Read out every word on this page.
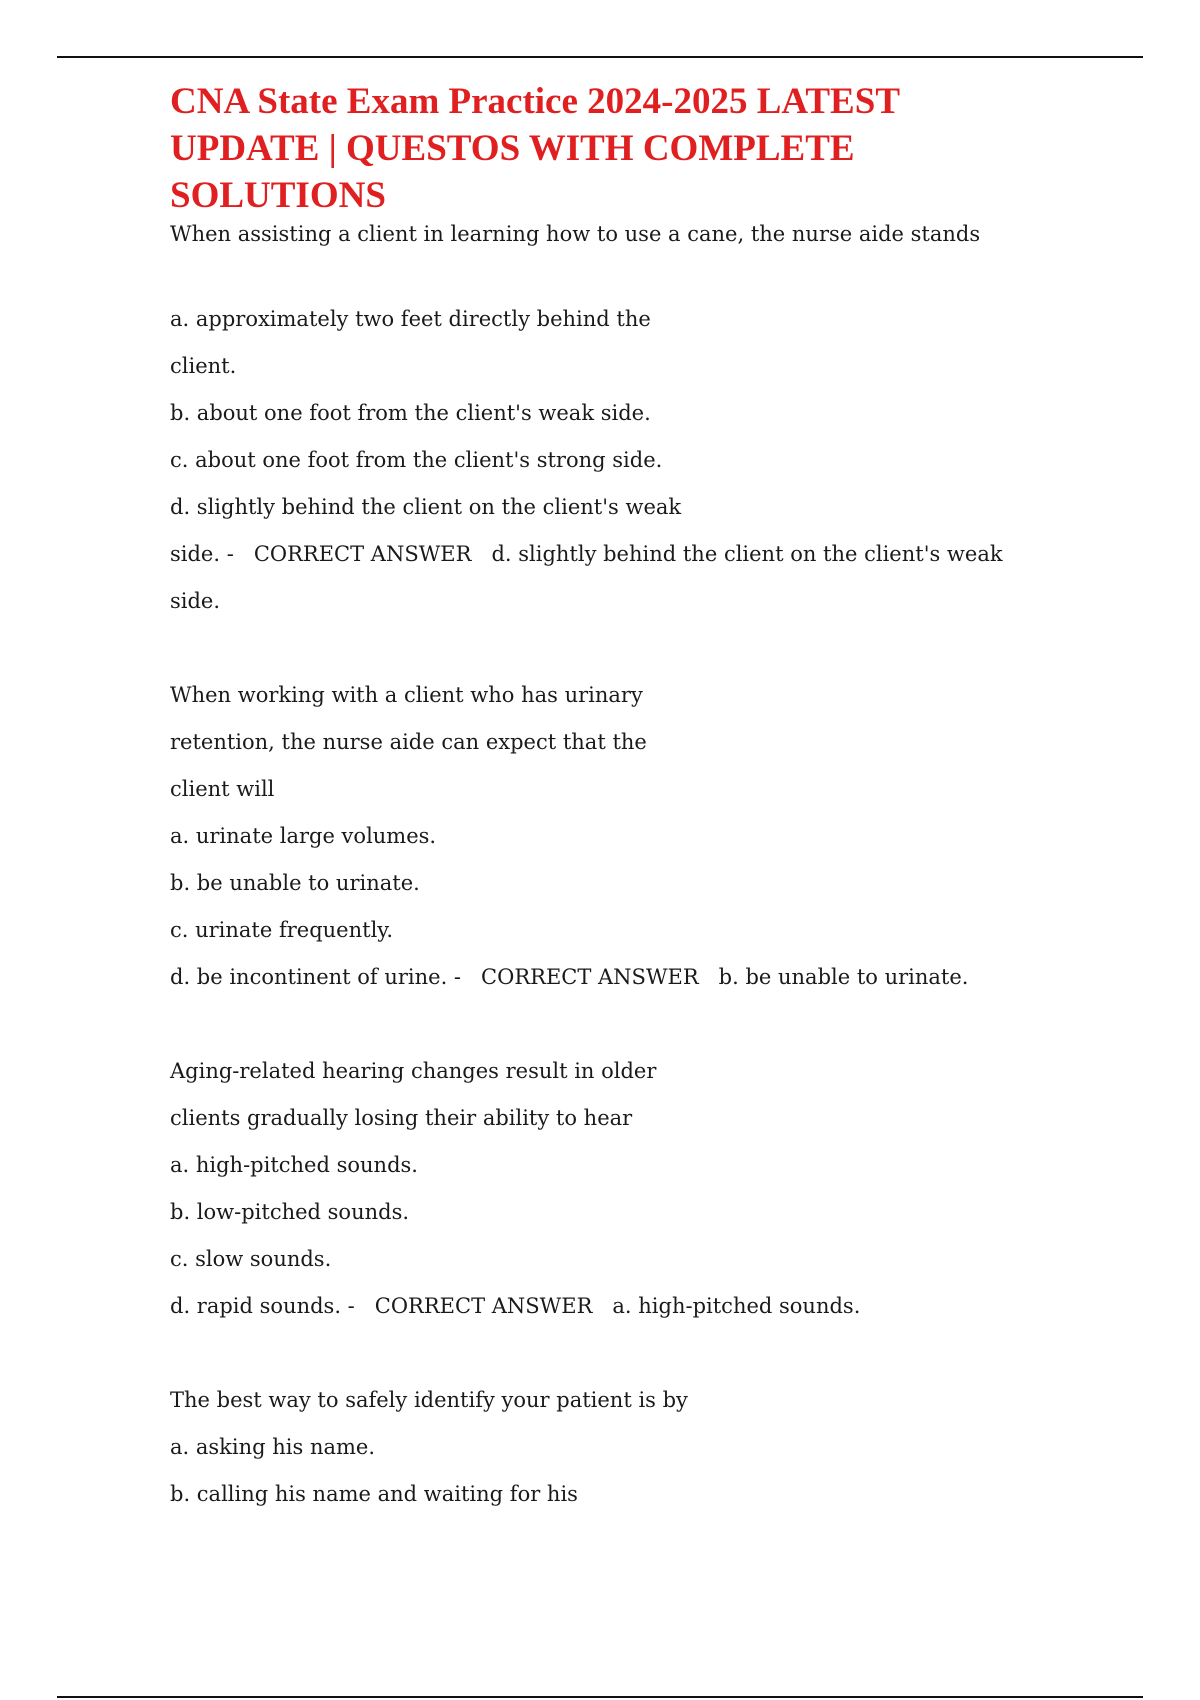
CNA State Exam Practice 2024-2025 LATEST
UPDATE | QUESTOS WITH COMPLETE SOLUTIONS

When assisting a client in learning how to use a cane, the nurse aide stands

a. approximately two feet directly behind the

client.

b. about one foot from the client's weak side.

c. about one foot from the client's strong side.

d. slightly behind the client on the client's weak

side. - CORRECT ANSWER d. slightly behind the client on the client's weak

side.

When working with a client who has urinary

retention, the nurse aide can expect that the

client will

a. urinate large volumes.

b. be unable to urinate.

c. urinate frequently.

d. be incontinent of urine. - CORRECT ANSWER b. be unable to urinate.

Aging-related hearing changes result in older

clients gradually losing their ability to hear

a. high-pitched sounds.

b. low-pitched sounds.

c. slow sounds.

d. rapid sounds. - CORRECT ANSWER a. high-pitched sounds.

The best way to safely identify your patient is by

a. asking his name.

b. calling his name and waiting for his
